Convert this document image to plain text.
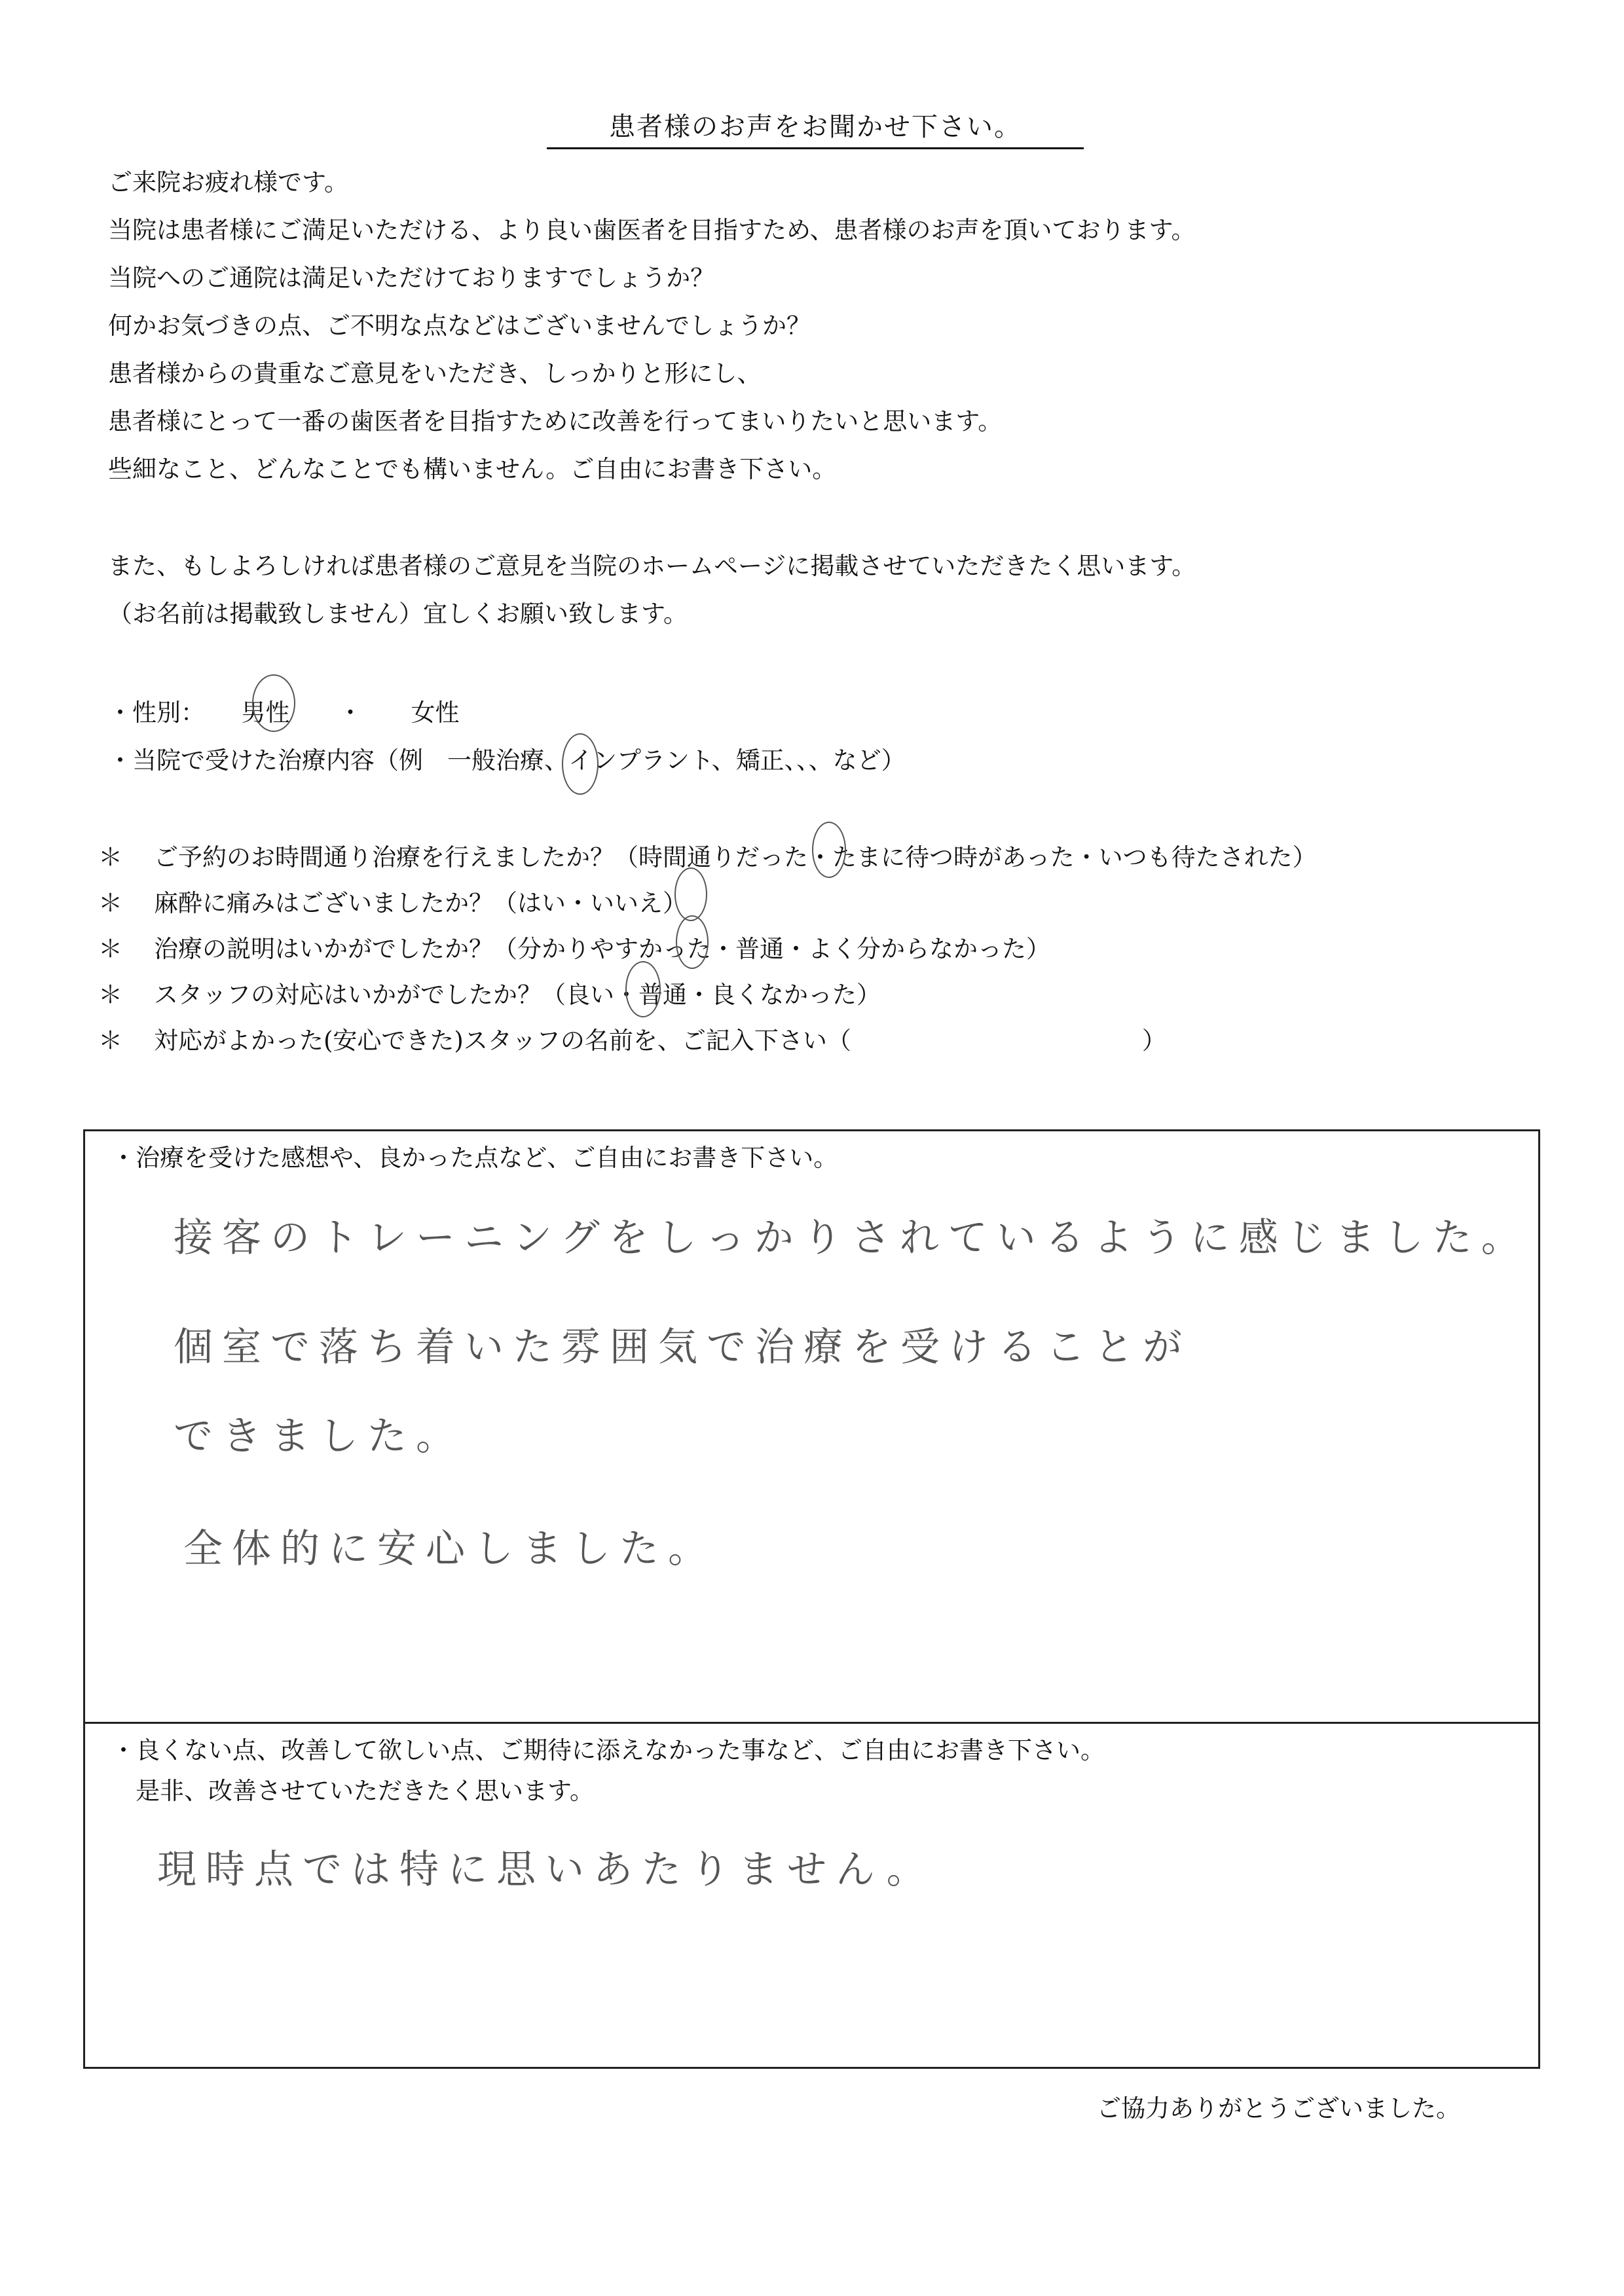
患者様のお声をお聞かせ下さい。
ご来院お疲れ様です。
当院は患者様にご満足いただける、より良い歯医者を目指すため、患者様のお声を頂いております。
当院へのご通院は満足いただけておりますでしょうか？
何かお気づきの点、ご不明な点などはございませんでしょうか？
患者様からの貴重なご意見をいただき、しっかりと形にし、
患者様にとって一番の歯医者を目指すために改善を行ってまいりたいと思います。
些細なこと、どんなことでも構いません。ご自由にお書き下さい。
また、もしよろしければ患者様のご意見を当院のホームページに掲載させていただきたく思います。
（お名前は掲載致しません）宜しくお願い致します。
・性別：　　 男性　　 ・　　 女性
・当院で受けた治療内容（例　一般治療、インプラント、矯正、、、など）
＊ ご予約のお時間通り治療を行えましたか？（時間通りだった・たまに待つ時があった・いつも待たされた）
＊ 麻酔に痛みはございましたか？（はい・いいえ）
＊ 治療の説明はいかがでしたか？（分かりやすかった・普通・よく分からなかった）
＊ スタッフの対応はいかがでしたか？（良い・普通・良くなかった）
＊ 対応がよかった(安心できた)スタッフの名前を、ご記入下さい（　　　　　　　　　　　　）
・治療を受けた感想や、良かった点など、ご自由にお書き下さい。
接客のトレーニングをしっかりされているように感じました。
個室で落ち着いた雰囲気で治療を受けることが
できました。
全体的に安心しました。
・良くない点、改善して欲しい点、ご期待に添えなかった事など、ご自由にお書き下さい。
　是非、改善させていただきたく思います。
現時点では特に思いあたりません。
ご協力ありがとうございました。
